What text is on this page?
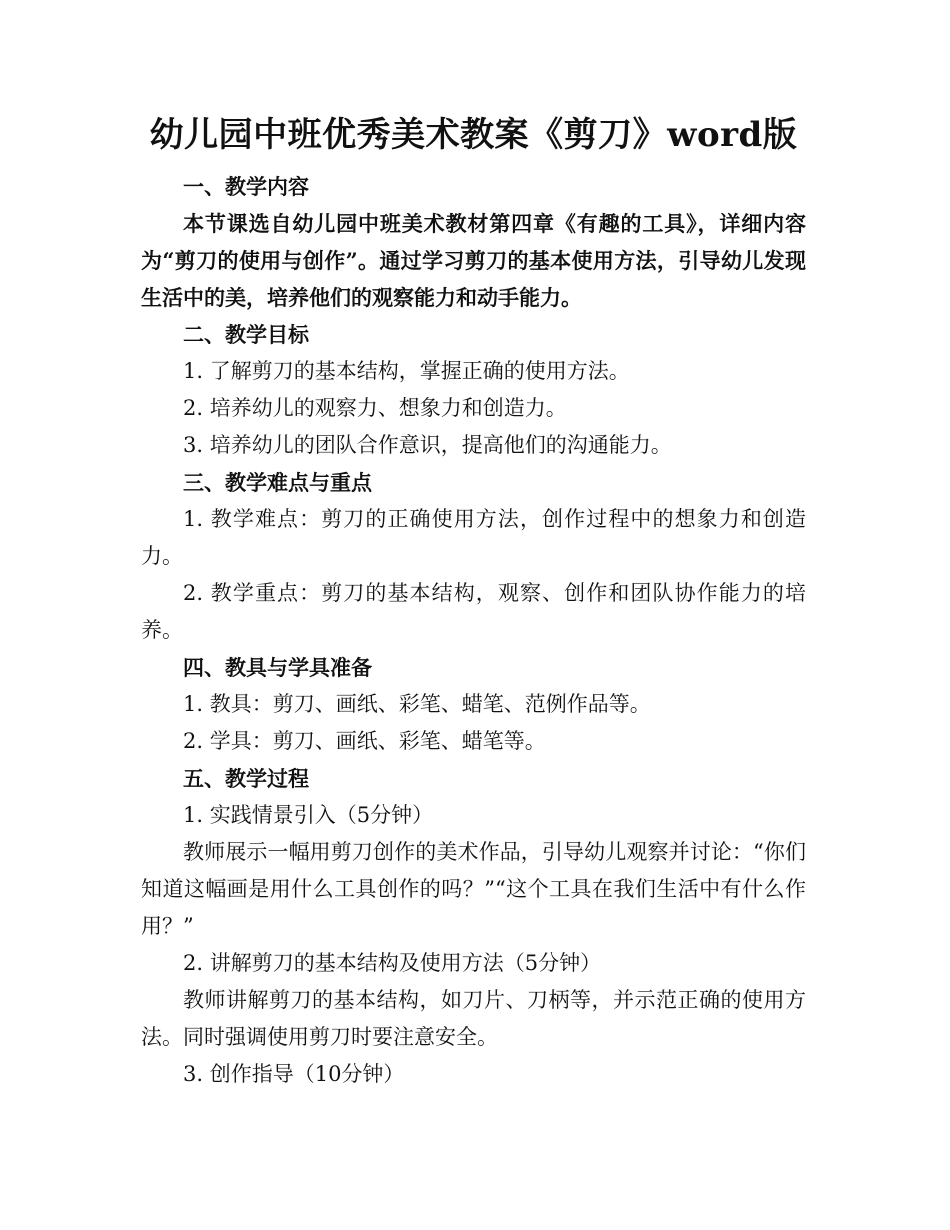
幼儿园中班优秀美术教案《剪刀》word版

一、教学内容

本节课选自幼儿园中班美术教材第四章《有趣的工具》，详细内容为“剪刀的使用与创作”。通过学习剪刀的基本使用方法，引导幼儿发现生活中的美，培养他们的观察能力和动手能力。

二、教学目标

1. 了解剪刀的基本结构，掌握正确的使用方法。

2. 培养幼儿的观察力、想象力和创造力。

3. 培养幼儿的团队合作意识，提高他们的沟通能力。

三、教学难点与重点

1. 教学难点：剪刀的正确使用方法，创作过程中的想象力和创造力。

2. 教学重点：剪刀的基本结构，观察、创作和团队协作能力的培养。

四、教具与学具准备

1. 教具：剪刀、画纸、彩笔、蜡笔、范例作品等。

2. 学具：剪刀、画纸、彩笔、蜡笔等。

五、教学过程

1. 实践情景引入（5分钟）

教师展示一幅用剪刀创作的美术作品，引导幼儿观察并讨论：“你们知道这幅画是用什么工具创作的吗？”“这个工具在我们生活中有什么作用？”

2. 讲解剪刀的基本结构及使用方法（5分钟）

教师讲解剪刀的基本结构，如刀片、刀柄等，并示范正确的使用方法。同时强调使用剪刀时要注意安全。

3. 创作指导（10分钟）
